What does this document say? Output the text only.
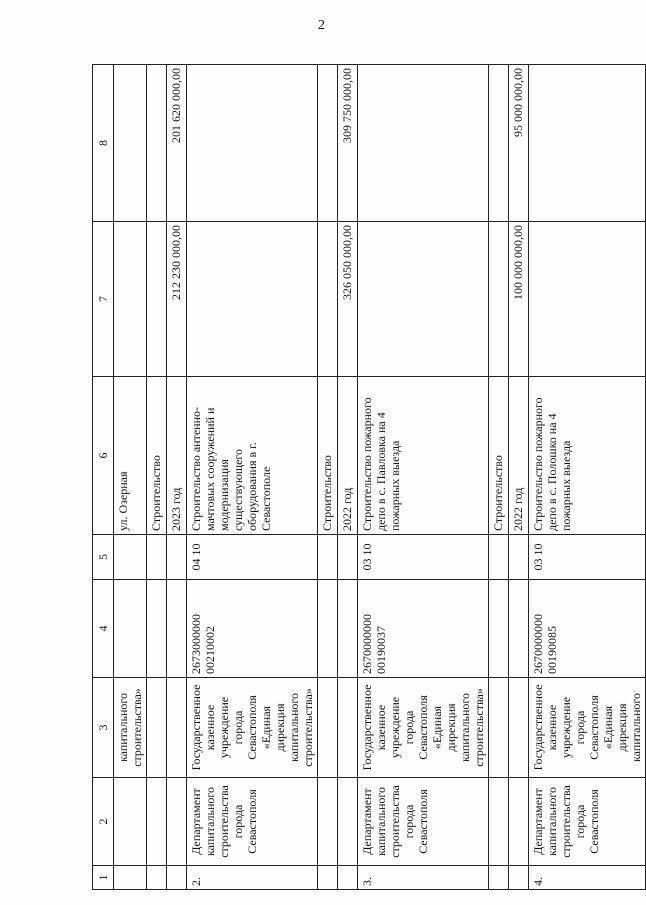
2
1	2	3	4	5	6	7	8
		капитального строительства»			ул. Озерная		
					Строительство		
					2023 год	212 230 000,00	201 620 000,00
2.	Департамент капитального строительства города Севастополя	Государственное казенное учреждение города Севастополя «Единая дирекция капитального строительства»	2673000000 00210002	04 10	Строительство антенно-мачтовых сооружений и модернизация существующего оборудования в г. Севастополе		
					Строительство		
					2022 год	326 050 000,00	309 750 000,00
3.	Департамент капитального строительства города Севастополя	Государственное казенное учреждение города Севастополя «Единая дирекция капитального строительства»	2670000000 00190037	03 10	Строительство пожарного депо в с. Павловка на 4 пожарных выезда		
					Строительство		
					2022 год	100 000 000,00	95 000 000,00
4.	Департамент капитального строительства города Севастополя	Государственное казенное учреждение города Севастополя «Единая дирекция капитального	2670000000 00190085	03 10	Строительство пожарного депо в с. Полошко на 4 пожарных выезда		
